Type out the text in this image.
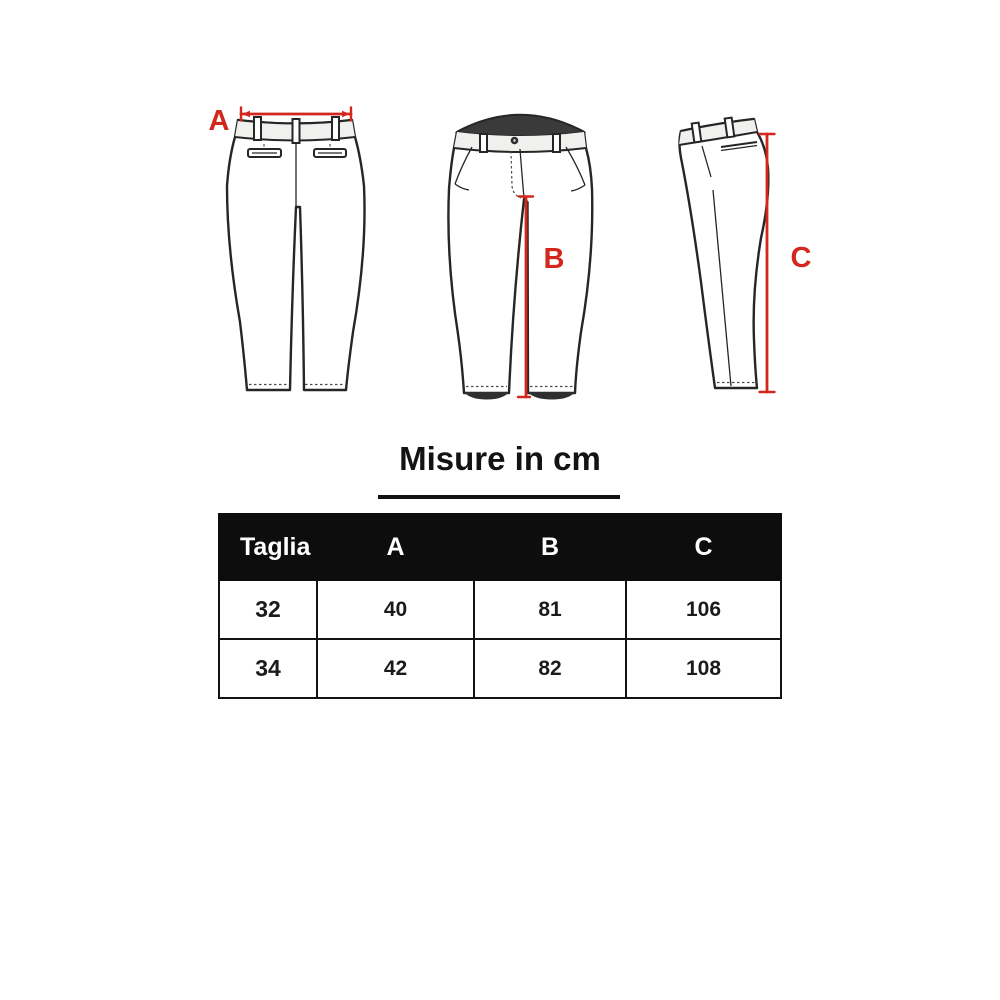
A
B	C
Misure in cm
Taglia	A	B	C
32	40	81	106
34	42	82	108
